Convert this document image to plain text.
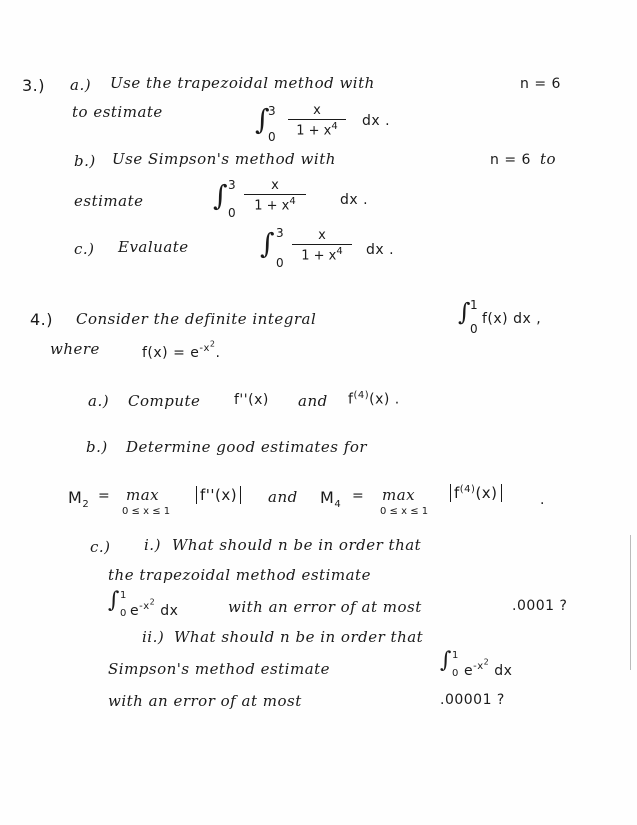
3.) a.) Use the trapezoidal method with	n = 6
to estimate	∫
3
0
x
$1 + x^4$	dx .
b.) Use Simpson's method with	n = 6 to
estimate ∫ 3
0
x
$1 + x^4$	dx .
c.) Evaluate	∫ 3
0
x
$1 + x^4$	dx .
4.) Consider the definite integral	∫ 1
0
f(x) dx ,
where	$f(x) = e^{-x^2}$.
a.) Compute f''(x) and $f^{(4)}(x)$ .
b.) Determine good estimates for
$M_2$
= max
0 ≤ x ≤ 1
f''(x) and $M_4$
= max
0 ≤ x ≤ 1
$f^{(4)}(x)$	.
c.) i.) What should n be in order that
the trapezoidal method estimate
∫ 1
0 $e^{-x^2}$ dx	with an error of at most	.0001 ?
ii.) What should n be in order that
Simpson's method estimate	∫ 1
0 $e^{-x^2}$ dx
with an error of at most	.00001 ?
